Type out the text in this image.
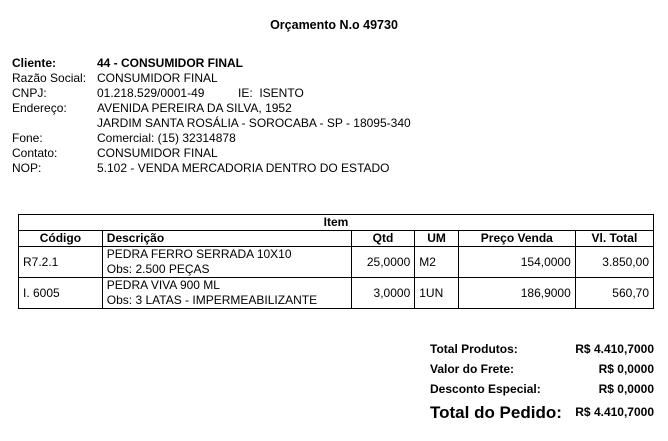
Orçamento N.o 49730
Cliente:	44 - CONSUMIDOR FINAL
Razão Social: CONSUMIDOR FINAL
CNPJ:	01.218.529/0001-49	IE: ISENTO
Endereço:	AVENIDA PEREIRA DA SILVA, 1952
JARDIM SANTA ROSÁLIA - SOROCABA - SP - 18095-340
Fone:	Comercial: (15) 32314878
Contato:	CONSUMIDOR FINAL
NOP:	5.102 - VENDA MERCADORIA DENTRO DO ESTADO
Item					
Código	Descrição	Qtd	UM	Preço Venda	Vl. Total
R7.2.1	PEDRA FERRO SERRADA 10X10
Obs: 2.500 PEÇAS	25,0000	M2	154,0000	3.850,00
I. 6005	PEDRA VIVA 900 ML
Obs: 3 LATAS - IMPERMEABILIZANTE	3,0000	1UN	186,9000	560,70
Total Produtos:	R$ 4.410,7000
Valor do Frete:	R$ 0,0000
Desconto Especial:	R$ 0,0000
Total do Pedido: R$ 4.410,7000
